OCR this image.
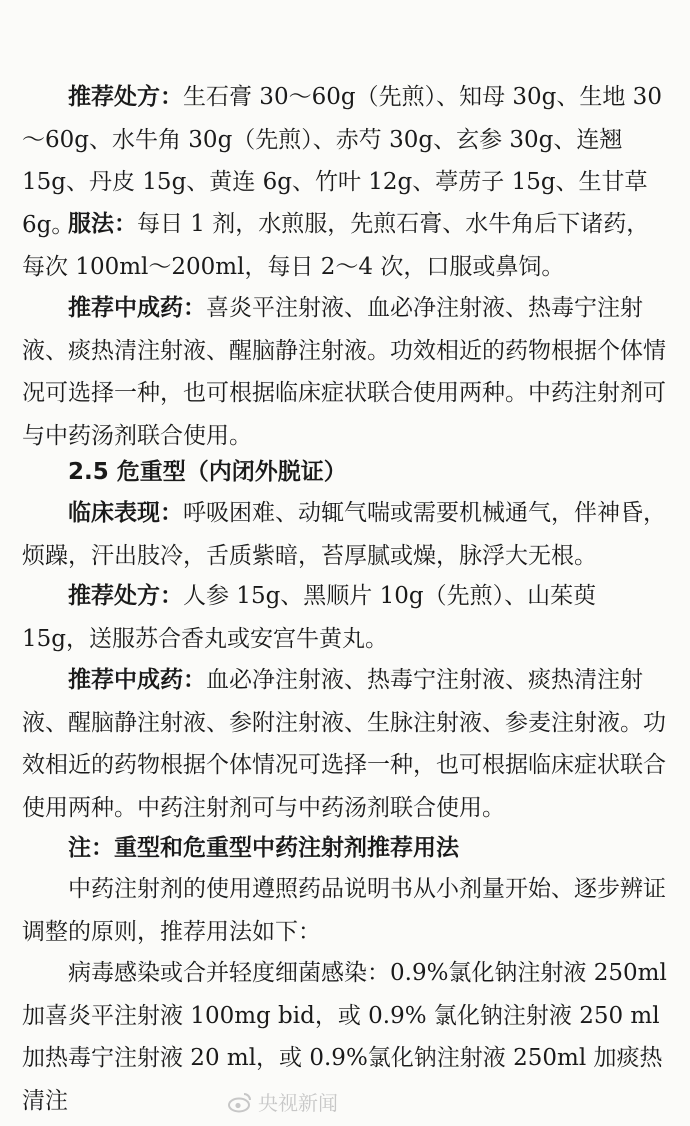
推荐处方：生石膏 30～60g（先煎）、知母 30g、生地 30～60g、水牛角 30g（先煎）、赤芍 30g、玄参 30g、连翘 15g、丹皮 15g、黄连 6g、竹叶 12g、葶苈子 15g、生甘草 6g。

服法：每日 1 剂，水煎服，先煎石膏、水牛角后下诸药，每次 100ml～200ml，每日 2～4 次，口服或鼻饲。

推荐中成药：喜炎平注射液、血必净注射液、热毒宁注射液、痰热清注射液、醒脑静注射液。功效相近的药物根据个体情况可选择一种，也可根据临床症状联合使用两种。中药注射剂可与中药汤剂联合使用。

2.5 危重型（内闭外脱证）

临床表现：呼吸困难、动辄气喘或需要机械通气，伴神昏，烦躁，汗出肢冷，舌质紫暗，苔厚腻或燥，脉浮大无根。

推荐处方：人参 15g、黑顺片 10g（先煎）、山茱萸 15g，送服苏合香丸或安宫牛黄丸。

推荐中成药：血必净注射液、热毒宁注射液、痰热清注射液、醒脑静注射液、参附注射液、生脉注射液、参麦注射液。功效相近的药物根据个体情况可选择一种，也可根据临床症状联合使用两种。中药注射剂可与中药汤剂联合使用。

注：重型和危重型中药注射剂推荐用法

中药注射剂的使用遵照药品说明书从小剂量开始、逐步辨证调整的原则，推荐用法如下：

病毒感染或合并轻度细菌感染：0.9%氯化钠注射液 250ml 加喜炎平注射液 100mg bid，或 0.9% 氯化钠注射液 250 ml 加热毒宁注射液 20 ml，或 0.9%氯化钠注射液 250ml 加痰热清注	央视新闻
